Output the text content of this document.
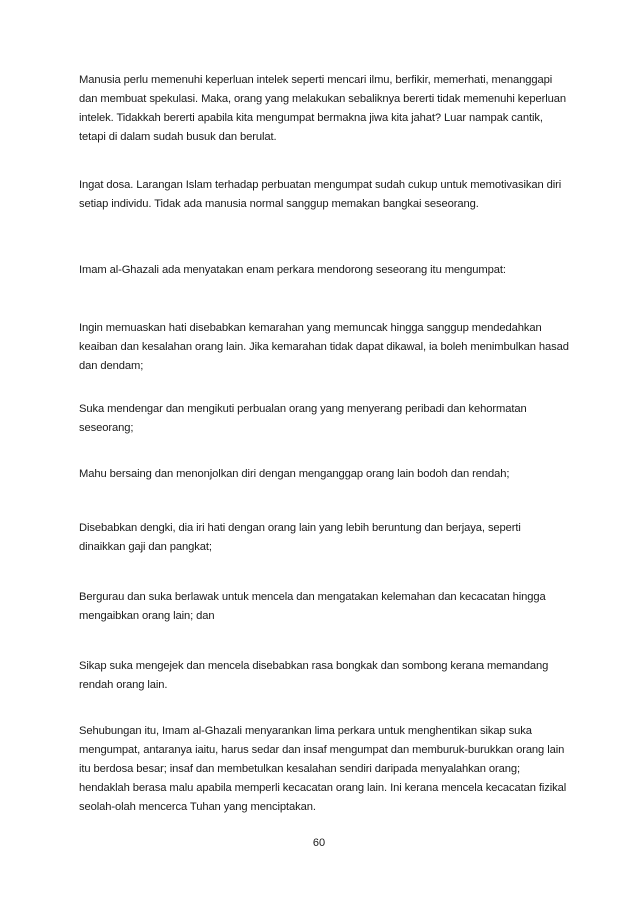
Manusia perlu memenuhi keperluan intelek seperti mencari ilmu, berfikir, memerhati, menanggapi dan membuat spekulasi. Maka, orang yang melakukan sebaliknya bererti tidak memenuhi keperluan intelek. Tidakkah bererti apabila kita mengumpat bermakna jiwa kita jahat? Luar nampak cantik, tetapi di dalam sudah busuk dan berulat.

Ingat dosa. Larangan Islam terhadap perbuatan mengumpat sudah cukup untuk memotivasikan diri setiap individu. Tidak ada manusia normal sanggup memakan bangkai seseorang.

Imam al-Ghazali ada menyatakan enam perkara mendorong seseorang itu mengumpat:

Ingin memuaskan hati disebabkan kemarahan yang memuncak hingga sanggup mendedahkan keaiban dan kesalahan orang lain. Jika kemarahan tidak dapat dikawal, ia boleh menimbulkan hasad dan dendam;

Suka mendengar dan mengikuti perbualan orang yang menyerang peribadi dan kehormatan seseorang;

Mahu bersaing dan menonjolkan diri dengan menganggap orang lain bodoh dan rendah;

Disebabkan dengki, dia iri hati dengan orang lain yang lebih beruntung dan berjaya, seperti dinaikkan gaji dan pangkat;

Bergurau dan suka berlawak untuk mencela dan mengatakan kelemahan dan kecacatan hingga mengaibkan orang lain; dan

Sikap suka mengejek dan mencela disebabkan rasa bongkak dan sombong kerana memandang rendah orang lain.

Sehubungan itu, Imam al-Ghazali menyarankan lima perkara untuk menghentikan sikap suka mengumpat, antaranya iaitu, harus sedar dan insaf mengumpat dan memburuk-burukkan orang lain itu berdosa besar; insaf dan membetulkan kesalahan sendiri daripada menyalahkan orang; hendaklah berasa malu apabila memperli kecacatan orang lain. Ini kerana mencela kecacatan fizikal seolah-olah mencerca Tuhan yang menciptakan.

60
